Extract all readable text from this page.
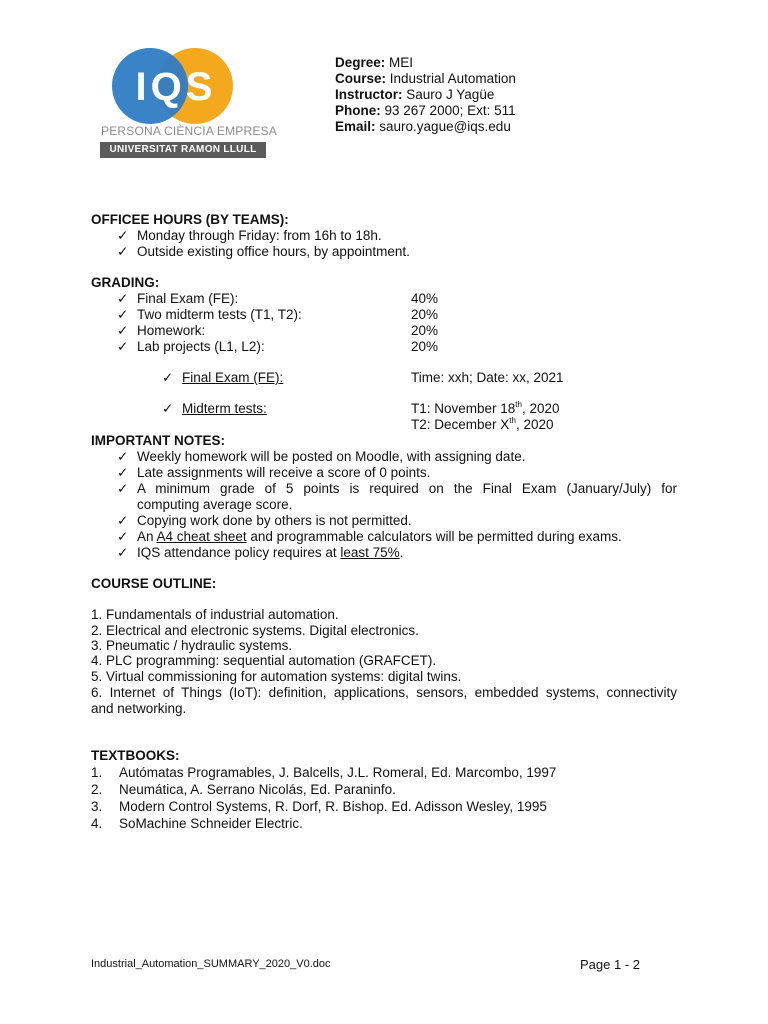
IQS
PERSONA CIÈNCIA EMPRESA
UNIVERSITAT RAMON LLULL
Degree: MEI
Course: Industrial Automation
Instructor: Sauro J Yagüe
Phone: 93 267 2000; Ext: 511
Email: sauro.yague@iqs.edu
OFFICEE HOURS (BY TEAMS):
✓ Monday through Friday: from 16h to 18h.
✓ Outside existing office hours, by appointment.
GRADING:
✓ Final Exam (FE):	40%
✓ Two midterm tests (T1, T2):	20%
✓ Homework:	20%
✓ Lab projects (L1, L2):	20%
✓ Final Exam (FE):	Time: xxh; Date: xx, 2021
✓ Midterm tests:	T1: November 18th, 2020
T2: December Xth, 2020
IMPORTANT NOTES:
✓ Weekly homework will be posted on Moodle, with assigning date.
✓ Late assignments will receive a score of 0 points.
✓ A minimum grade of 5 points is required on the Final Exam (January/July) for
computing average score.
✓ Copying work done by others is not permitted.
✓ An A4 cheat sheet and programmable calculators will be permitted during exams.
✓ IQS attendance policy requires at least 75%.
COURSE OUTLINE:
1. Fundamentals of industrial automation.
2. Electrical and electronic systems. Digital electronics.
3. Pneumatic / hydraulic systems.
4. PLC programming: sequential automation (GRAFCET).
5. Virtual commissioning for automation systems: digital twins.
6. Internet of Things (IoT): definition, applications, sensors, embedded systems, connectivity
and networking.
TEXTBOOKS:
1. Autómatas Programables, J. Balcells, J.L. Romeral, Ed. Marcombo, 1997
2. Neumática, A. Serrano Nicolás, Ed. Paraninfo.
3. Modern Control Systems, R. Dorf, R. Bishop. Ed. Adisson Wesley, 1995
4. SoMachine Schneider Electric.
Industrial_Automation_SUMMARY_2020_V0.doc	Page 1 - 2
